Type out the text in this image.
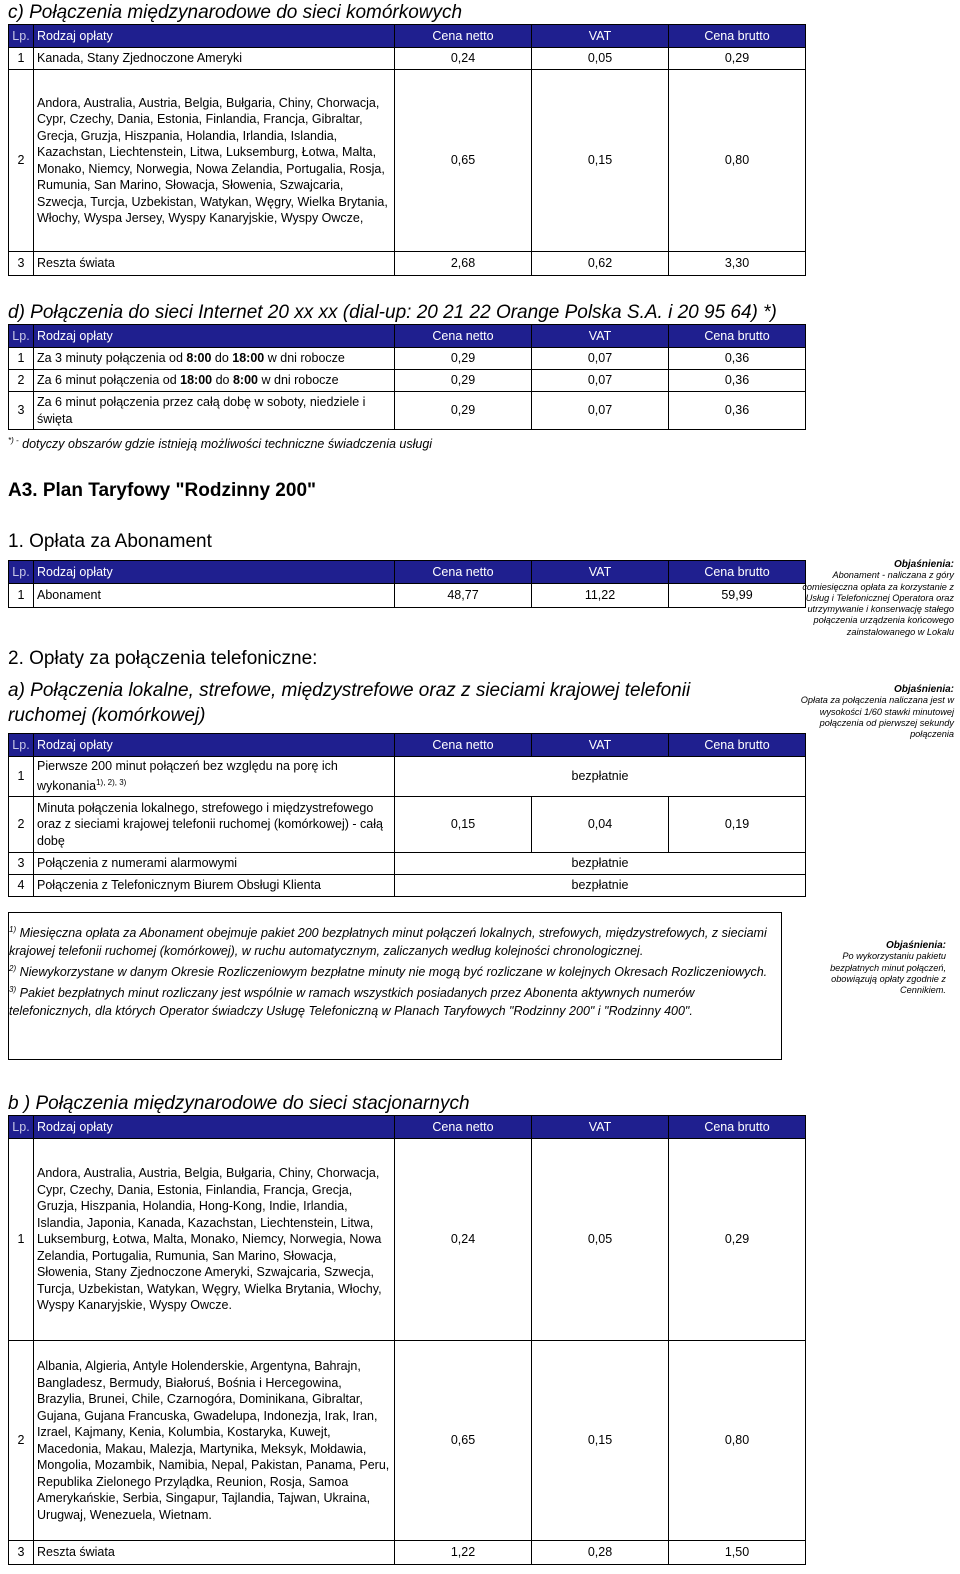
c) Połączenia międzynarodowe do sieci komórkowych
Lp.	Rodzaj opłaty	Cena netto	VAT	Cena brutto
1	Kanada, Stany Zjednoczone Ameryki	0,24	0,05	0,29
2	Andora, Australia, Austria, Belgia, Bułgaria, Chiny, Chorwacja, Cypr, Czechy, Dania, Estonia, Finlandia, Francja, Gibraltar, Grecja, Gruzja, Hiszpania, Holandia, Irlandia, Islandia, Kazachstan, Liechtenstein, Litwa, Luksemburg, Łotwa, Malta, Monako, Niemcy, Norwegia, Nowa Zelandia, Portugalia, Rosja, Rumunia, San Marino, Słowacja, Słowenia, Szwajcaria, Szwecja, Turcja, Uzbekistan, Watykan, Węgry, Wielka Brytania, Włochy, Wyspa Jersey, Wyspy Kanaryjskie, Wyspy Owcze,	0,65	0,15	0,80
3	Reszta świata	2,68	0,62	3,30
d) Połączenia do sieci Internet 20 xx xx (dial-up: 20 21 22 Orange Polska S.A. i 20 95 64) *)
Lp.	Rodzaj opłaty	Cena netto	VAT	Cena brutto
1	Za 3 minuty połączenia od 8:00 do 18:00 w dni robocze	0,29	0,07	0,36
2	Za 6 minut połączenia od 18:00 do 8:00 w dni robocze	0,29	0,07	0,36
3	Za 6 minut połączenia przez całą dobę w soboty, niedziele i święta	0,29	0,07	0,36
*) - dotyczy obszarów gdzie istnieją możliwości techniczne świadczenia usługi
A3. Plan Taryfowy "Rodzinny 200"
1. Opłata za Abonament
Lp.	Rodzaj opłaty	Cena netto	VAT	Cena brutto
1	Abonament	48,77	11,22	59,99
2. Opłaty za połączenia telefoniczne:
a) Połączenia lokalne, strefowe, międzystrefowe oraz z sieciami krajowej telefonii ruchomej (komórkowej)
Lp.	Rodzaj opłaty	Cena netto	VAT	Cena brutto
1	Pierwsze 200 minut połączeń bez względu na porę ich wykonania$^{1), 2), 3)}$	bezpłatnie		
2	Minuta połączenia lokalnego, strefowego i międzystrefowego oraz z sieciami krajowej telefonii ruchomej (komórkowej) - całą dobę	0,15	0,04	0,19
3	Połączenia z numerami alarmowymi	bezpłatnie		
4	Połączenia z Telefonicznym Biurem Obsługi Klienta	bezpłatnie		

$^{1)}$ Miesięczna opłata za Abonament obejmuje pakiet 200 bezpłatnych minut połączeń lokalnych, strefowych, międzystrefowych, z sieciami krajowej telefonii ruchomej (komórkowej), w ruchu automatycznym, zaliczanych według kolejności chronologicznej.

$^{2)}$ Niewykorzystane w danym Okresie Rozliczeniowym bezpłatne minuty nie mogą być rozliczane w kolejnych Okresach Rozliczeniowych.

$^{3)}$ Pakiet bezpłatnych minut rozliczany jest wspólnie w ramach wszystkich posiadanych przez Abonenta aktywnych numerów telefonicznych, dla których Operator świadczy Usługę Telefoniczną w Planach Taryfowych "Rodzinny 200" i "Rodzinny 400".

b ) Połączenia międzynarodowe do sieci stacjonarnych
Lp.	Rodzaj opłaty	Cena netto	VAT	Cena brutto
1	Andora, Australia, Austria, Belgia, Bułgaria, Chiny, Chorwacja, Cypr, Czechy, Dania, Estonia, Finlandia, Francja, Grecja, Gruzja, Hiszpania, Holandia, Hong-Kong, Indie, Irlandia, Islandia, Japonia, Kanada, Kazachstan, Liechtenstein, Litwa, Luksemburg, Łotwa, Malta, Monako, Niemcy, Norwegia, Nowa Zelandia, Portugalia, Rumunia, San Marino, Słowacja, Słowenia, Stany Zjednoczone Ameryki, Szwajcaria, Szwecja, Turcja, Uzbekistan, Watykan, Węgry, Wielka Brytania, Włochy, Wyspy Kanaryjskie, Wyspy Owcze.	0,24	0,05	0,29
2	Albania, Algieria, Antyle Holenderskie, Argentyna, Bahrajn, Bangladesz, Bermudy, Białoruś, Bośnia i Hercegowina, Brazylia, Brunei, Chile, Czarnogóra, Dominikana, Gibraltar, Gujana, Gujana Francuska, Gwadelupa, Indonezja, Irak, Iran, Izrael, Kajmany, Kenia, Kolumbia, Kostaryka, Kuwejt, Macedonia, Makau, Malezja, Martynika, Meksyk, Mołdawia, Mongolia, Mozambik, Namibia, Nepal, Pakistan, Panama, Peru, Republika Zielonego Przylądka, Reunion, Rosja, Samoa Amerykańskie, Serbia, Singapur, Tajlandia, Tajwan, Ukraina, Urugwaj, Wenezuela, Wietnam.	0,65	0,15	0,80
3	Reszta świata	1,22	0,28	1,50
Objaśnienia:
Abonament - naliczana z góry comiesięczna opłata za korzystanie z Usług i Telefonicznej Operatora oraz utrzymywanie i konserwację stałego połączenia urządzenia końcowego zainstalowanego w Lokalu
Objaśnienia:
Opłata za połączenia naliczana jest w wysokości 1/60 stawki minutowej połączenia od pierwszej sekundy połączenia
Objaśnienia:
Po wykorzystaniu pakietu bezpłatnych minut połączeń, obowiązują opłaty zgodnie z Cennikiem.
